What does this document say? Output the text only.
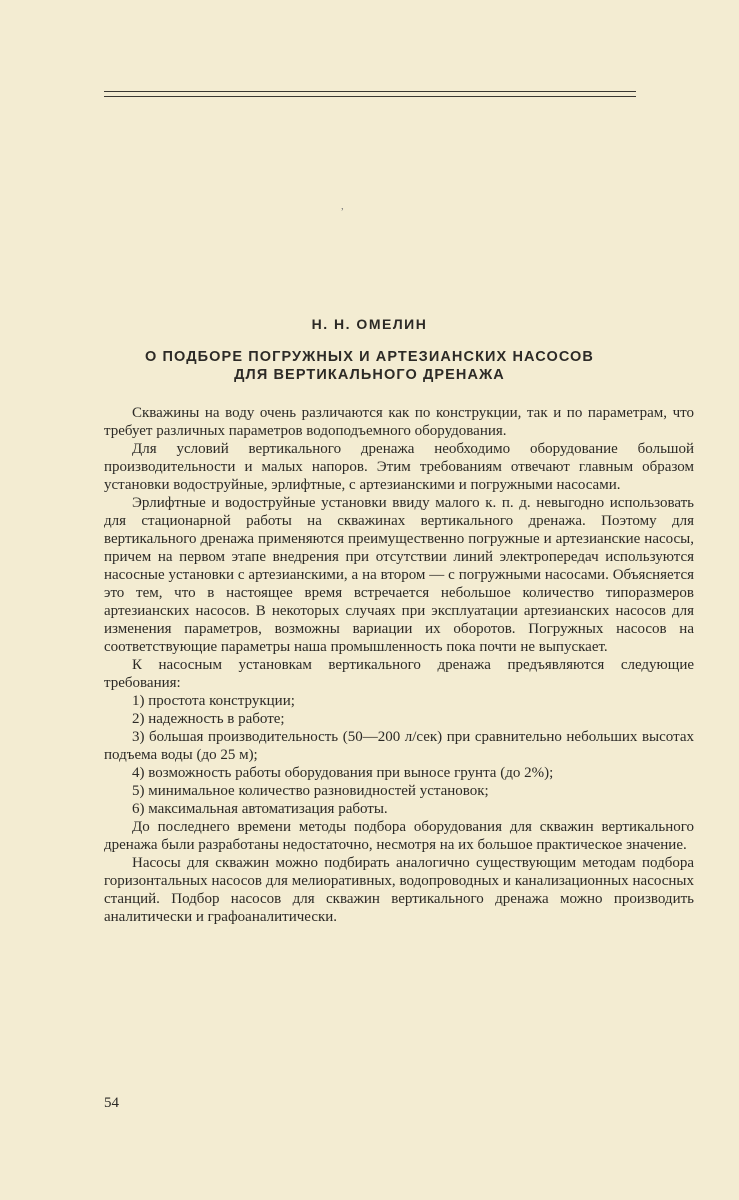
,
Н. Н. ОМЕЛИН
О ПОДБОРЕ ПОГРУЖНЫХ И АРТЕЗИАНСКИХ НАСОСОВ
ДЛЯ ВЕРТИКАЛЬНОГО ДРЕНАЖА

Скважины на воду очень различаются как по конструкции, так и по параметрам, что требует различных параметров водоподъемного оборудования.

Для условий вертикального дренажа необходимо оборудование большой производительности и малых напоров. Этим требованиям отвечают главным образом установки водоструйные, эрлифтные, с артезианскими и погружными насосами.

Эрлифтные и водоструйные установки ввиду малого к. п. д. невыгодно использовать для стационарной работы на скважинах вертикального дренажа. Поэтому для вертикального дренажа применяются преимущественно погружные и артезианские насосы, причем на первом этапе внедрения при отсутствии линий электропередач используются насосные установки с артезианскими, а на втором — с погружными насосами. Объясняется это тем, что в настоящее время встречается небольшое количество типоразмеров артезианских насосов. В некоторых случаях при эксплуатации артезианских насосов для изменения параметров, возможны вариации их оборотов. Погружных насосов на соответствующие параметры наша промышленность пока почти не выпускает.

К насосным установкам вертикального дренажа предъявляются следующие требования:

1) простота конструкции;
2) надежность в работе;
3) большая производительность (50—200 л/сек) при сравнительно небольших высотах подъема воды (до 25 м);
4) возможность работы оборудования при выносе грунта (до 2%);
5) минимальное количество разновидностей установок;
6) максимальная автоматизация работы.

До последнего времени методы подбора оборудования для скважин вертикального дренажа были разработаны недостаточно, несмотря на их большое практическое значение.

Насосы для скважин можно подбирать аналогично существующим методам подбора горизонтальных насосов для мелиоративных, водопроводных и канализационных насосных станций. Подбор насосов для скважин вертикального дренажа можно производить аналитически и графоаналитически.

54
